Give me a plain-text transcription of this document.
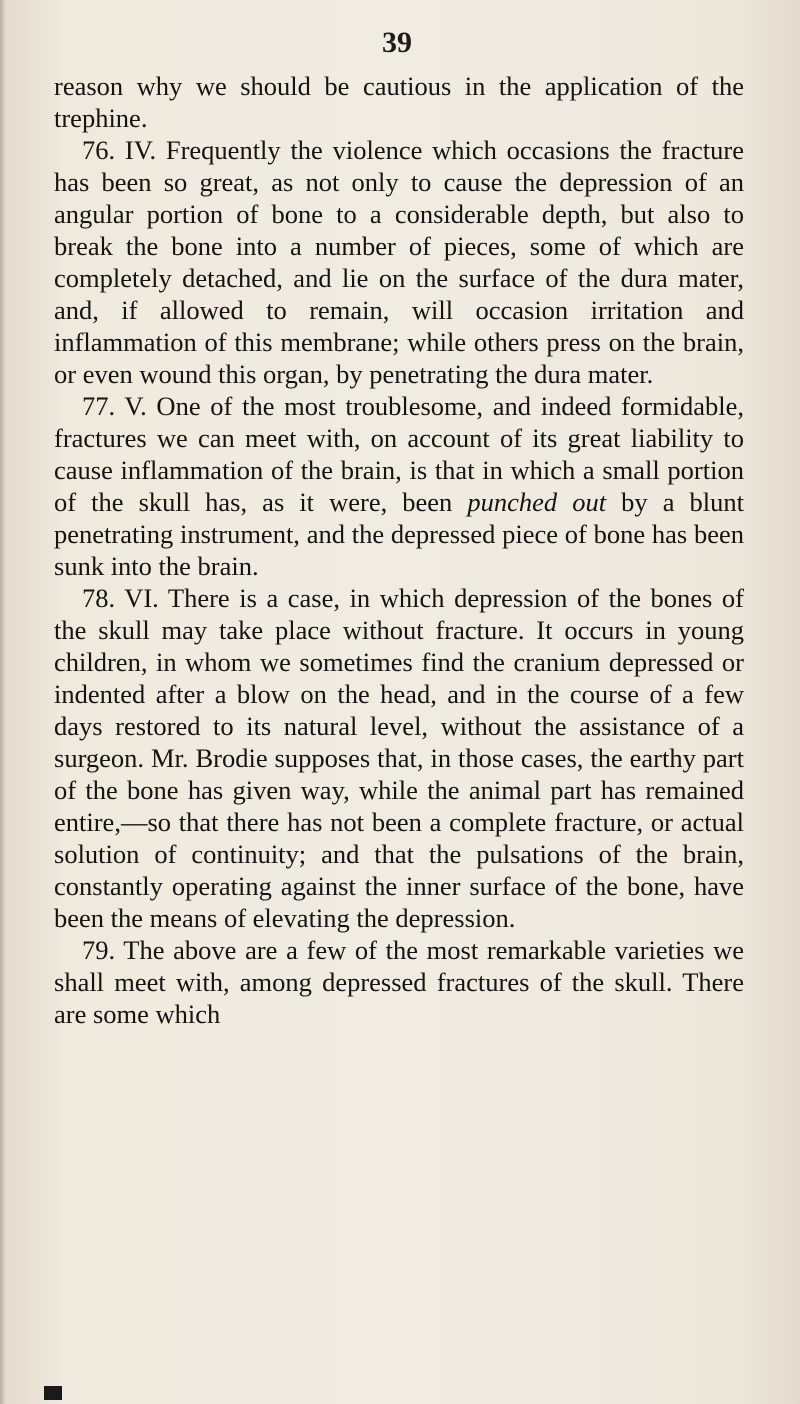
39

reason why we should be cautious in the application of the trephine.

76. IV. Frequently the violence which occasions the fracture has been so great, as not only to cause the depression of an angular portion of bone to a considerable depth, but also to break the bone into a number of pieces, some of which are completely detached, and lie on the surface of the dura mater, and, if allowed to remain, will occasion irritation and inflammation of this membrane; while others press on the brain, or even wound this organ, by penetrating the dura mater.

77. V. One of the most troublesome, and indeed formidable, fractures we can meet with, on account of its great liability to cause inflammation of the brain, is that in which a small portion of the skull has, as it were, been punched out by a blunt penetrating instrument, and the depressed piece of bone has been sunk into the brain.

78. VI. There is a case, in which depression of the bones of the skull may take place without fracture. It occurs in young children, in whom we sometimes find the cranium depressed or indented after a blow on the head, and in the course of a few days restored to its natural level, without the assistance of a surgeon. Mr. Brodie supposes that, in those cases, the earthy part of the bone has given way, while the animal part has remained entire,—so that there has not been a complete fracture, or actual solution of continuity; and that the pulsations of the brain, constantly operating against the inner surface of the bone, have been the means of elevating the depression.

79. The above are a few of the most remarkable varieties we shall meet with, among depressed fractures of the skull. There are some which
